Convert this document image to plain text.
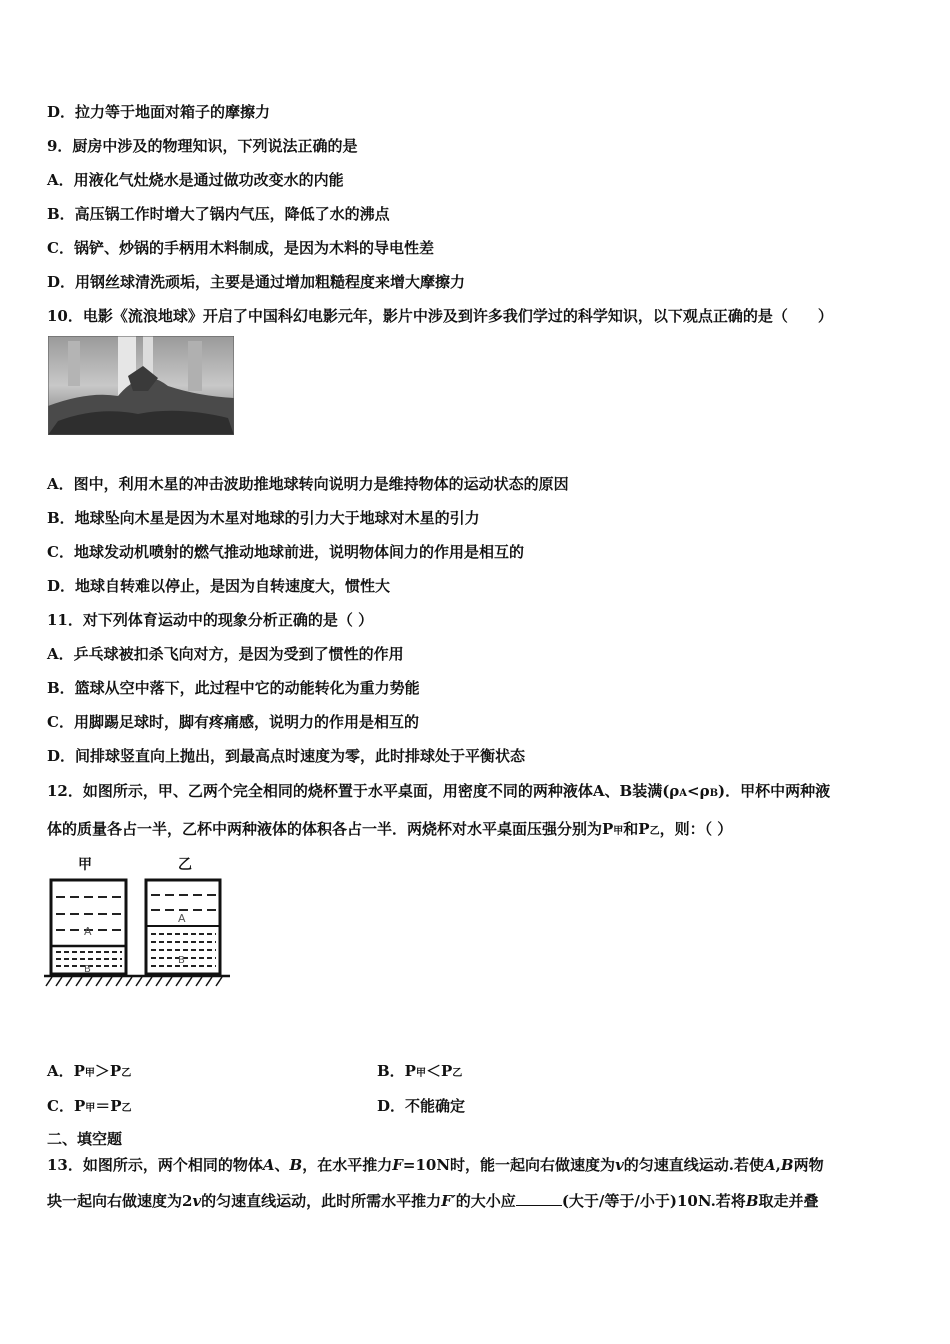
D．拉力等于地面对箱子的摩擦力
9．厨房中涉及的物理知识，下列说法正确的是
A．用液化气灶烧水是通过做功改变水的内能
B．高压锅工作时增大了锅内气压，降低了水的沸点
C．锅铲、炒锅的手柄用木料制成，是因为木料的导电性差
D．用钢丝球清洗顽垢，主要是通过增加粗糙程度来增大摩擦力
10．电影《流浪地球》开启了中国科幻电影元年，影片中涉及到许多我们学过的科学知识，以下观点正确的是（　　）
A．图中，利用木星的冲击波助推地球转向说明力是维持物体的运动状态的原因
B．地球坠向木星是因为木星对地球的引力大于地球对木星的引力
C．地球发动机喷射的燃气推动地球前进，说明物体间力的作用是相互的
D．地球自转难以停止，是因为自转速度大，惯性大
11．对下列体育运动中的现象分析正确的是（ ）
A．乒乓球被扣杀飞向对方，是因为受到了惯性的作用
B．篮球从空中落下，此过程中它的动能转化为重力势能
C．用脚踢足球时，脚有疼痛感，说明力的作用是相互的
D．间排球竖直向上抛出，到最高点时速度为零，此时排球处于平衡状态
12．如图所示，甲、乙两个完全相同的烧杯置于水平桌面，用密度不同的两种液体A、B装满(ρA<ρB)．甲杯中两种液
体的质量各占一半，乙杯中两种液体的体积各占一半．两烧杯对水平桌面压强分别为P甲和P乙，则：（ ）
甲	乙
A
B
A
B
A．P甲＞P乙	B．P甲＜P乙
C．P甲＝P乙	D．不能确定
二、填空题
13．如图所示，两个相同的物体A、B，在水平推力F=10N时，能一起向右做速度为v的匀速直线运动.若使A,B两物
块一起向右做速度为2v的匀速直线运动，此时所需水平推力F′的大小应	(大于/等于/小于)10N.若将B取走并叠
